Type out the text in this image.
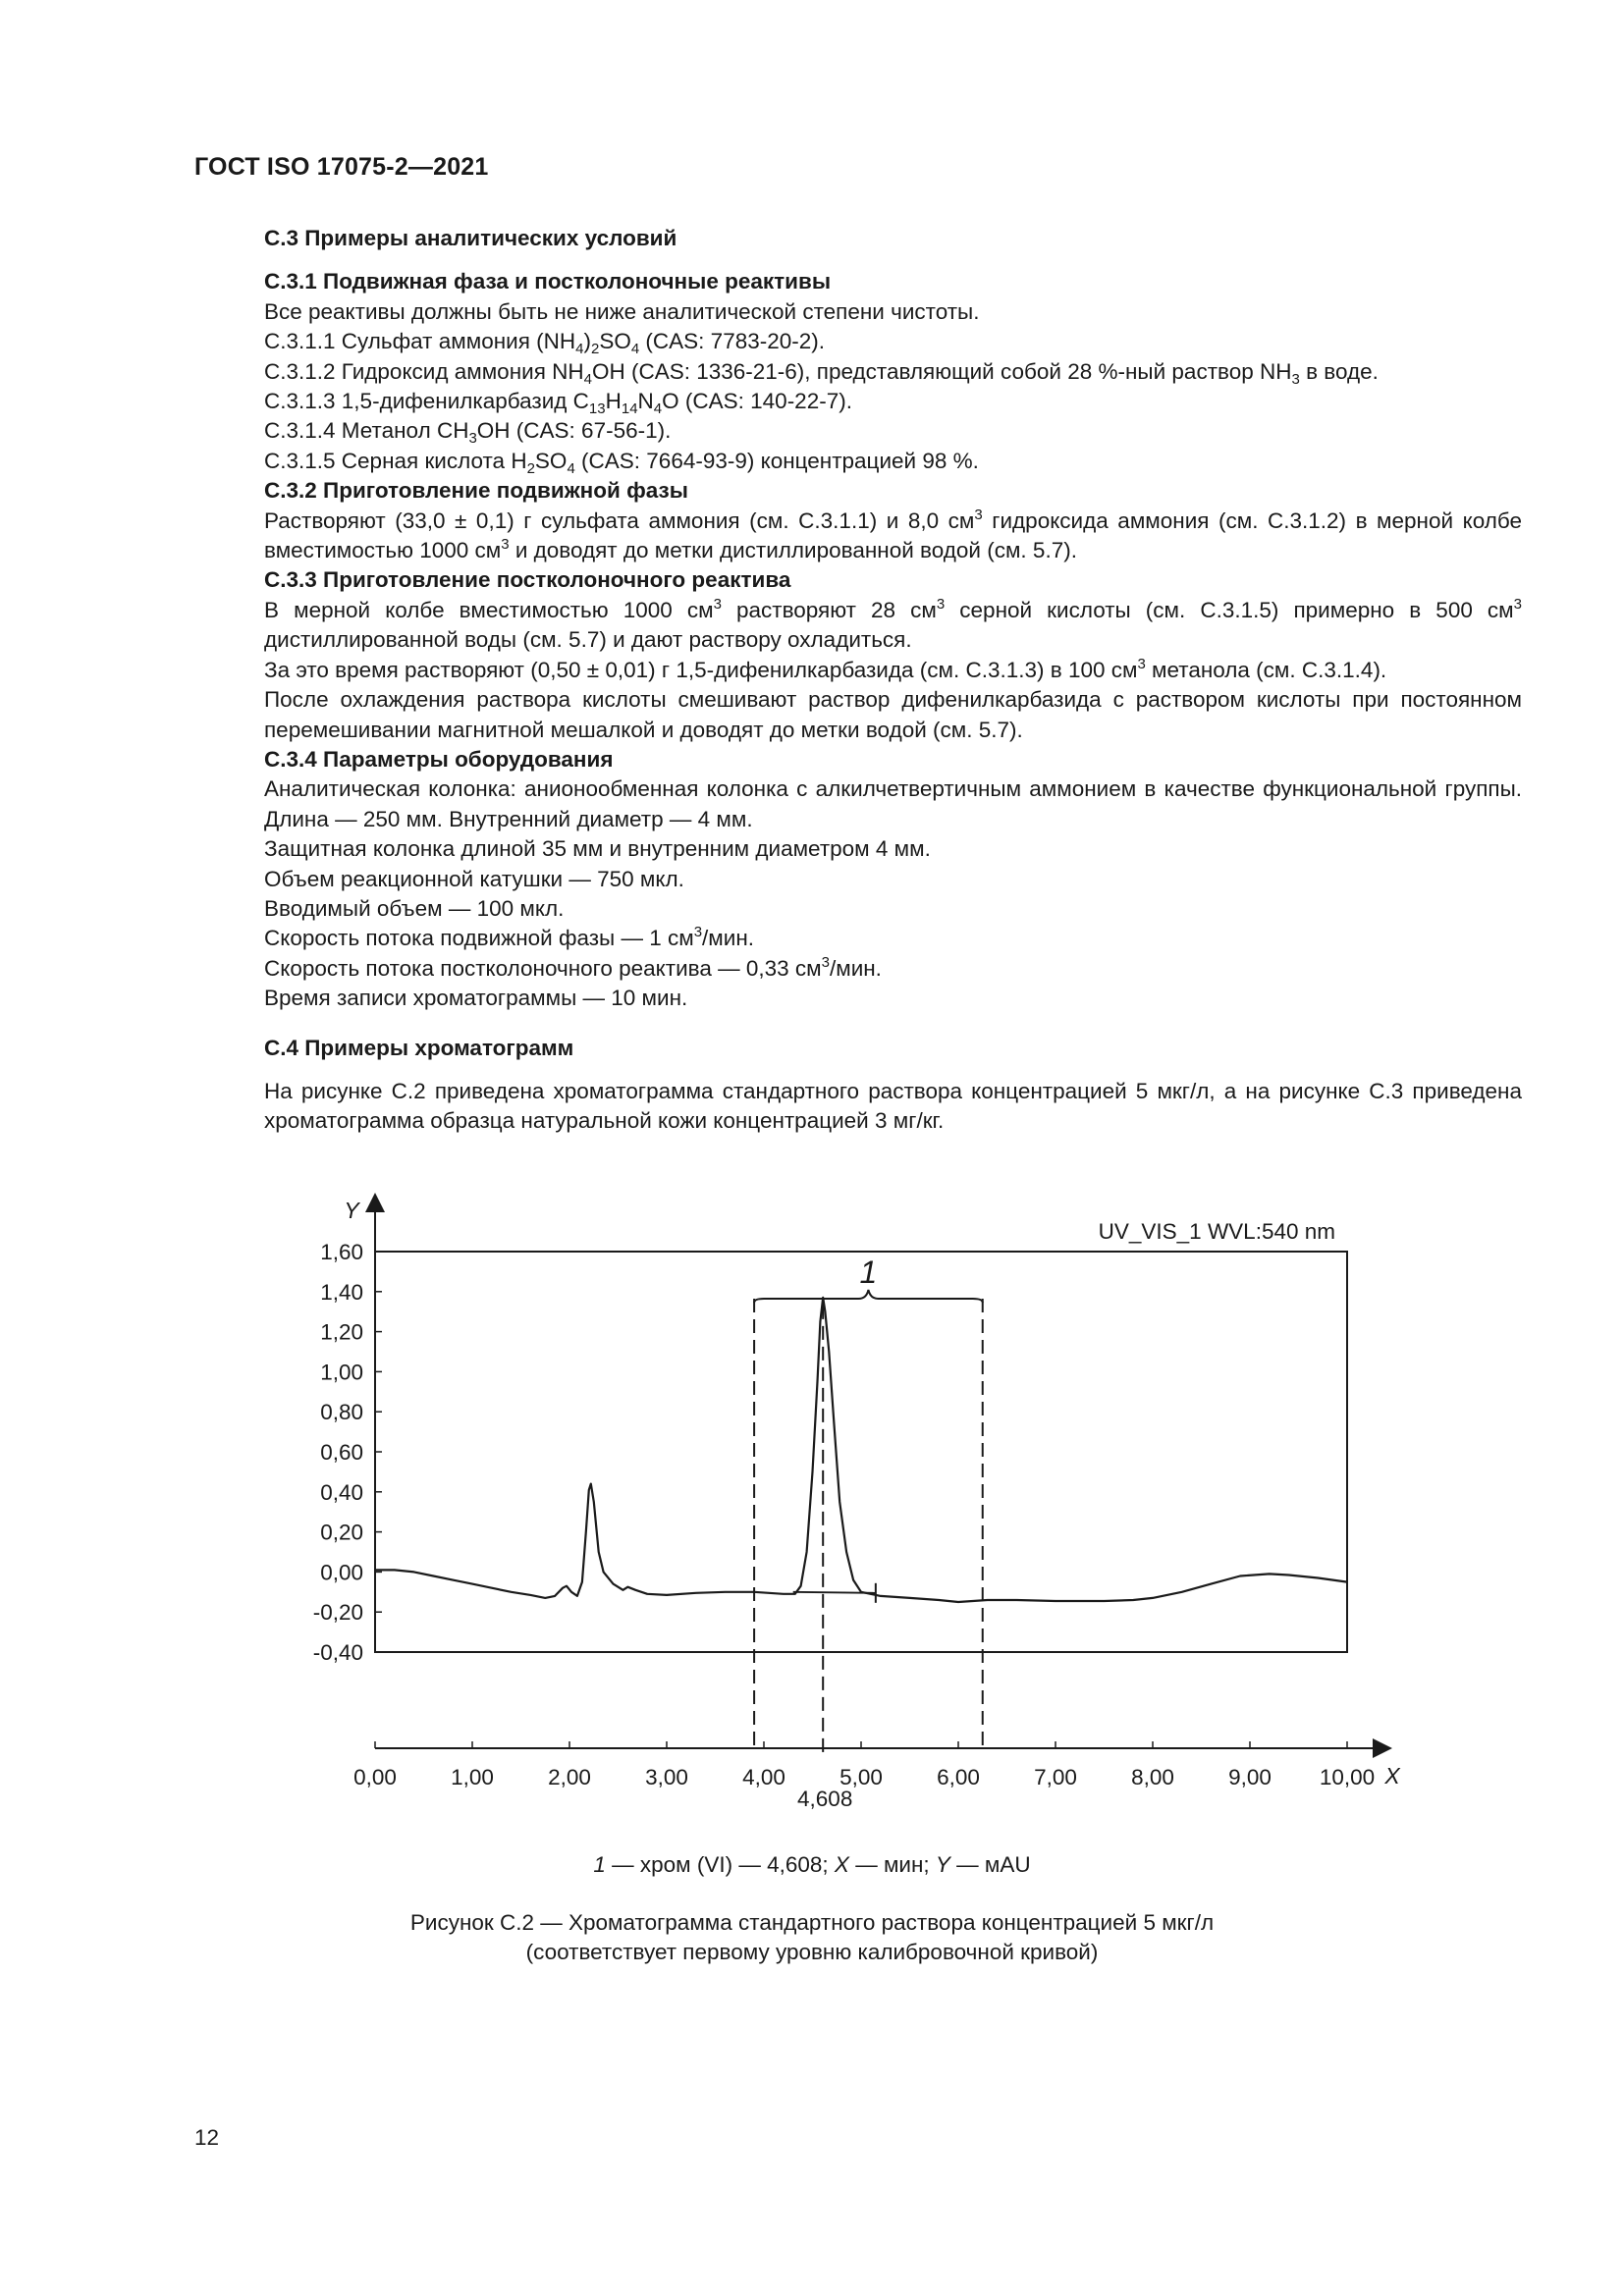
ГОСТ ISO 17075-2—2021

С.3 Примеры аналитических условий

С.3.1 Подвижная фаза и постколоночные реактивы

Все реактивы должны быть не ниже аналитической степени чистоты.

С.3.1.1 Сульфат аммония $(NH_4)_2SO_4$ (CAS: 7783-20-2).

С.3.1.2 Гидроксид аммония $NH_4OH$ (CAS: 1336-21-6), представляющий собой 28 %-ный раствор $NH_3$ в воде.

С.3.1.3 1,5-дифенилкарбазид $C_{13}H_{14}N_4O$ (CAS: 140-22-7).

С.3.1.4 Метанол $CH_3OH$ (CAS: 67-56-1).

С.3.1.5 Серная кислота $H_2SO_4$ (CAS: 7664-93-9) концентрацией 98 %.

С.3.2 Приготовление подвижной фазы

Растворяют (33,0 ± 0,1) г сульфата аммония (см. С.3.1.1) и 8,0 $см^3$ гидроксида аммония (см. С.3.1.2) в мерной колбе вместимостью 1000 $см^3$ и доводят до метки дистиллированной водой (см. 5.7).

С.3.3 Приготовление постколоночного реактива

В мерной колбе вместимостью 1000 $см^3$ растворяют 28 $см^3$ серной кислоты (см. С.3.1.5) примерно в 500 $см^3$ дистиллированной воды (см. 5.7) и дают раствору охладиться.

За это время растворяют (0,50 ± 0,01) г 1,5-дифенилкарбазида (см. С.3.1.3) в 100 $см^3$ метанола (см. С.3.1.4).

После охлаждения раствора кислоты смешивают раствор дифенилкарбазида с раствором кислоты при постоянном перемешивании магнитной мешалкой и доводят до метки водой (см. 5.7).

С.3.4 Параметры оборудования

Аналитическая колонка: анионообменная колонка с алкилчетвертичным аммонием в качестве функциональной группы. Длина — 250 мм. Внутренний диаметр — 4 мм.

Защитная колонка длиной 35 мм и внутренним диаметром 4 мм.

Объем реакционной катушки — 750 мкл.

Вводимый объем — 100 мкл.

Скорость потока подвижной фазы — 1 $см^3$/мин.

Скорость потока постколоночного реактива — 0,33 $см^3$/мин.

Время записи хроматограммы — 10 мин.

С.4 Примеры хроматограмм

На рисунке С.2 приведена хроматограмма стандартного раствора концентрацией 5 мкг/л, а на рисунке С.3 приведена хроматограмма образца натуральной кожи концентрацией 3 мг/кг.

-0,40
-0,20
0,00
0,20
0,40
0,60
0,80
1,00
1,20
1,40
1,60
0,00 1,00 2,00 3,00 4,00 5,00 6,00 7,00 8,00 9,00 10,00
Y
X
UV_VIS_1 WVL:540 nm
4,608
1
1 — хром (VI) — 4,608; X — мин; Y — мAU
Рисунок С.2 — Хроматограмма стандартного раствора концентрацией 5 мкг/л
(соответствует первому уровню калибровочной кривой)
12
